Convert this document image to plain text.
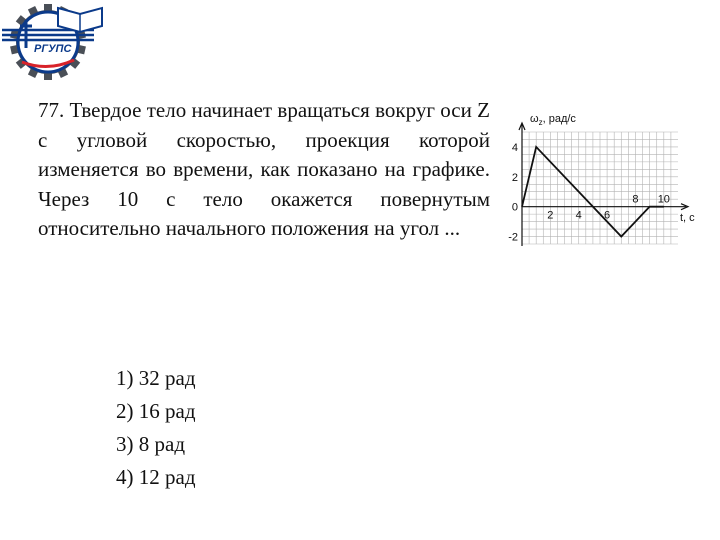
РГУПС
77. Твердое тело начинает вращаться вокруг оси Z с угловой скоростью, проекция которой изменяется во времени, как показано на графике. Через 10 с тело окажется повернутым относительно начального положения на угол ...
1) 32 рад
2) 16 рад
3) 8 рад
4) 12 рад
2 4 6
8 10
4
2
0
-2
$\omega_z$, рад/с
t, c
